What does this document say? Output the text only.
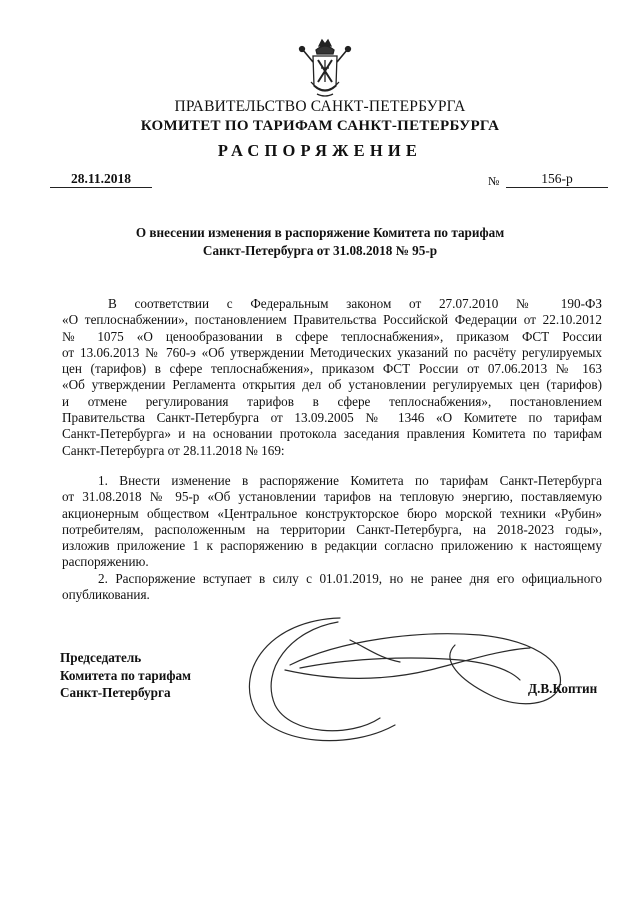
ПРАВИТЕЛЬСТВО САНКТ-ПЕТЕРБУРГА
КОМИТЕТ ПО ТАРИФАМ САНКТ-ПЕТЕРБУРГА
РАСПОРЯЖЕНИЕ
28.11.2018	№	156-р
О внесении изменения в распоряжение Комитета по тарифам
Санкт-Петербурга от 31.08.2018 № 95-р
В соответствии с Федеральным законом от 27.07.2010 № 190-ФЗ
«О теплоснабжении», постановлением Правительства Российской Федерации от 22.10.2012
№ 1075 «О ценообразовании в сфере теплоснабжения», приказом ФСТ России
от 13.06.2013 № 760-э «Об утверждении Методических указаний по расчёту регулируемых
цен (тарифов) в сфере теплоснабжения», приказом ФСТ России от 07.06.2013 № 163
«Об утверждении Регламента открытия дел об установлении регулируемых цен (тарифов)
и отмене регулирования тарифов в сфере теплоснабжения», постановлением
Правительства Санкт-Петербурга от 13.09.2005 № 1346 «О Комитете по тарифам
Санкт-Петербурга» и на основании протокола заседания правления Комитета по тарифам
Санкт-Петербурга от 28.11.2018 № 169:
1. Внести изменение в распоряжение Комитета по тарифам Санкт-Петербурга
от 31.08.2018 № 95-р «Об установлении тарифов на тепловую энергию, поставляемую
акционерным обществом «Центральное конструкторское бюро морской техники «Рубин»
потребителям, расположенным на территории Санкт-Петербурга, на 2018-2023 годы»,
изложив приложение 1 к распоряжению в редакции согласно приложению к настоящему
распоряжению.
2. Распоряжение вступает в силу с 01.01.2019, но не ранее дня его официального
опубликования.
Председатель
Комитета по тарифам
Санкт-Петербурга	Д.В.Коптин
